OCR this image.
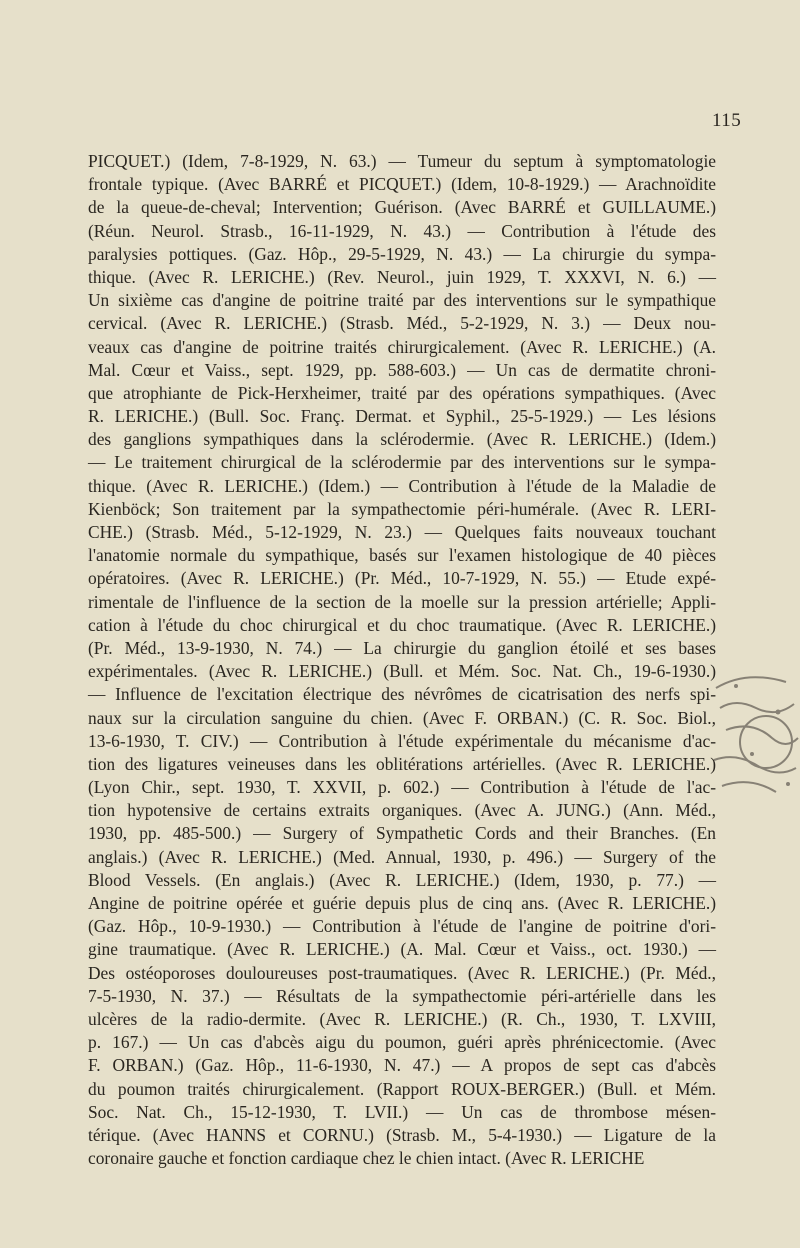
115
PICQUET.) (Idem, 7-8-1929, N. 63.) — Tumeur du septum à symptomatologie
frontale typique. (Avec BARRÉ et PICQUET.) (Idem, 10-8-1929.) — Arachnoïdite
de la queue-de-cheval; Intervention; Guérison. (Avec BARRÉ et GUILLAUME.)
(Réun. Neurol. Strasb., 16-11-1929, N. 43.) — Contribution à l'étude des
paralysies pottiques. (Gaz. Hôp., 29-5-1929, N. 43.) — La chirurgie du sympa-
thique. (Avec R. LERICHE.) (Rev. Neurol., juin 1929, T. XXXVI, N. 6.) —
Un sixième cas d'angine de poitrine traité par des interventions sur le sympathique
cervical. (Avec R. LERICHE.) (Strasb. Méd., 5-2-1929, N. 3.) — Deux nou-
veaux cas d'angine de poitrine traités chirurgicalement. (Avec R. LERICHE.) (A.
Mal. Cœur et Vaiss., sept. 1929, pp. 588-603.) — Un cas de dermatite chroni-
que atrophiante de Pick-Herxheimer, traité par des opérations sympathiques. (Avec
R. LERICHE.) (Bull. Soc. Franç. Dermat. et Syphil., 25-5-1929.) — Les lésions
des ganglions sympathiques dans la sclérodermie. (Avec R. LERICHE.) (Idem.)
— Le traitement chirurgical de la sclérodermie par des interventions sur le sympa-
thique. (Avec R. LERICHE.) (Idem.) — Contribution à l'étude de la Maladie de
Kienböck; Son traitement par la sympathectomie péri-humérale. (Avec R. LERI-
CHE.) (Strasb. Méd., 5-12-1929, N. 23.) — Quelques faits nouveaux touchant
l'anatomie normale du sympathique, basés sur l'examen histologique de 40 pièces
opératoires. (Avec R. LERICHE.) (Pr. Méd., 10-7-1929, N. 55.) — Etude expé-
rimentale de l'influence de la section de la moelle sur la pression artérielle; Appli-
cation à l'étude du choc chirurgical et du choc traumatique. (Avec R. LERICHE.)
(Pr. Méd., 13-9-1930, N. 74.) — La chirurgie du ganglion étoilé et ses bases
expérimentales. (Avec R. LERICHE.) (Bull. et Mém. Soc. Nat. Ch., 19-6-1930.)
— Influence de l'excitation électrique des névrômes de cicatrisation des nerfs spi-
naux sur la circulation sanguine du chien. (Avec F. ORBAN.) (C. R. Soc. Biol.,
13-6-1930, T. CIV.) — Contribution à l'étude expérimentale du mécanisme d'ac-
tion des ligatures veineuses dans les oblitérations artérielles. (Avec R. LERICHE.)
(Lyon Chir., sept. 1930, T. XXVII, p. 602.) — Contribution à l'étude de l'ac-
tion hypotensive de certains extraits organiques. (Avec A. JUNG.) (Ann. Méd.,
1930, pp. 485-500.) — Surgery of Sympathetic Cords and their Branches. (En
anglais.) (Avec R. LERICHE.) (Med. Annual, 1930, p. 496.) — Surgery of the
Blood Vessels. (En anglais.) (Avec R. LERICHE.) (Idem, 1930, p. 77.) —
Angine de poitrine opérée et guérie depuis plus de cinq ans. (Avec R. LERICHE.)
(Gaz. Hôp., 10-9-1930.) — Contribution à l'étude de l'angine de poitrine d'ori-
gine traumatique. (Avec R. LERICHE.) (A. Mal. Cœur et Vaiss., oct. 1930.) —
Des ostéoporoses douloureuses post-traumatiques. (Avec R. LERICHE.) (Pr. Méd.,
7-5-1930, N. 37.) — Résultats de la sympathectomie péri-artérielle dans les
ulcères de la radio-dermite. (Avec R. LERICHE.) (R. Ch., 1930, T. LXVIII,
p. 167.) — Un cas d'abcès aigu du poumon, guéri après phrénicectomie. (Avec
F. ORBAN.) (Gaz. Hôp., 11-6-1930, N. 47.) — A propos de sept cas d'abcès
du poumon traités chirurgicalement. (Rapport ROUX-BERGER.) (Bull. et Mém.
Soc. Nat. Ch., 15-12-1930, T. LVII.) — Un cas de thrombose mésen-
térique. (Avec HANNS et CORNU.) (Strasb. M., 5-4-1930.) — Ligature de la
coronaire gauche et fonction cardiaque chez le chien intact. (Avec R. LERICHE
